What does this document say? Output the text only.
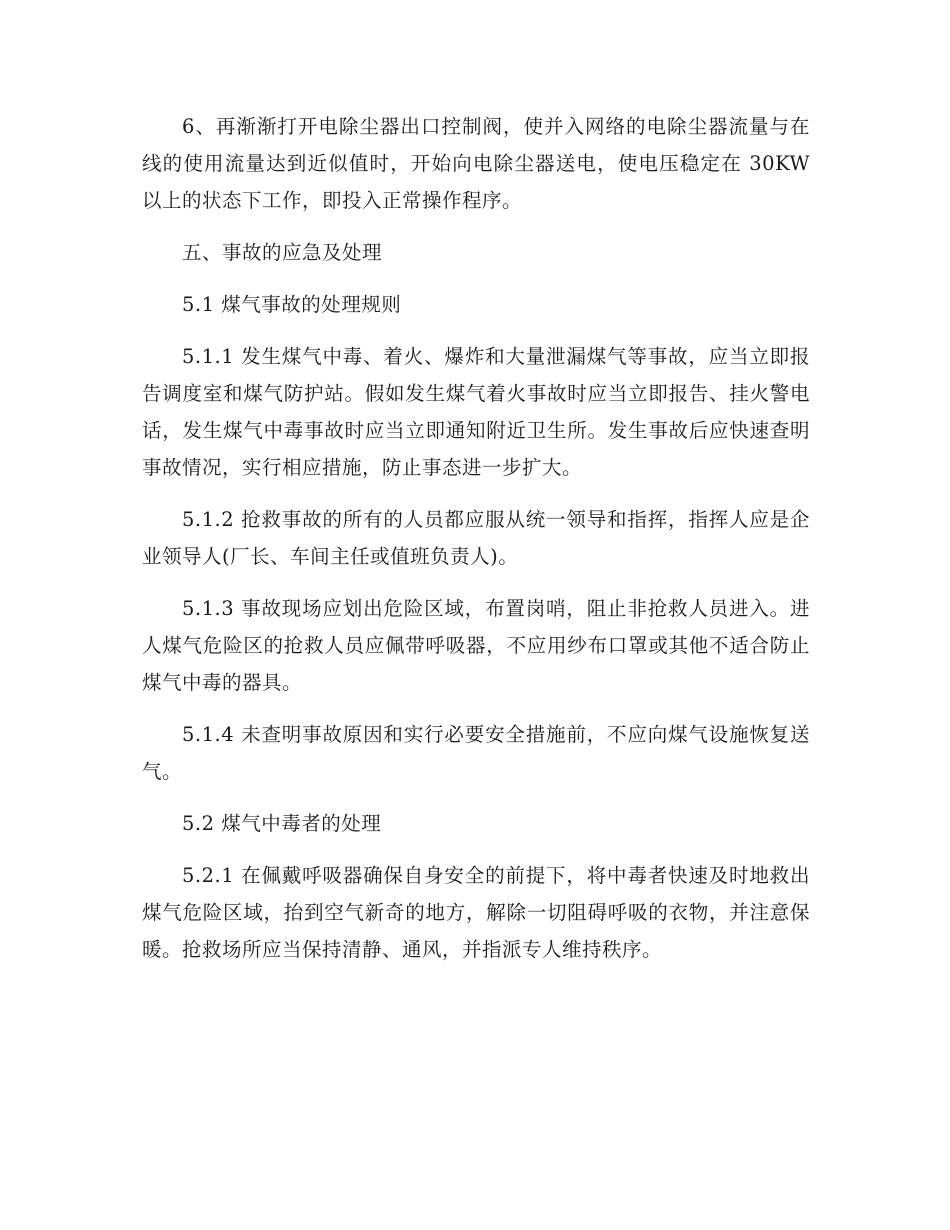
6、再渐渐打开电除尘器出口控制阀，使并入网络的电除尘器流量与在线的使用流量达到近似值时，开始向电除尘器送电，使电压稳定在 30KW 以上的状态下工作，即投入正常操作程序。

五、事故的应急及处理

5.1 煤气事故的处理规则

5.1.1 发生煤气中毒、着火、爆炸和大量泄漏煤气等事故，应当立即报告调度室和煤气防护站。假如发生煤气着火事故时应当立即报告、挂火警电话，发生煤气中毒事故时应当立即通知附近卫生所。发生事故后应快速查明事故情况，实行相应措施，防止事态进一步扩大。

5.1.2 抢救事故的所有的人员都应服从统一领导和指挥，指挥人应是企业领导人(厂长、车间主任或值班负责人)。

5.1.3 事故现场应划出危险区域，布置岗哨，阻止非抢救人员进入。进人煤气危险区的抢救人员应佩带呼吸器，不应用纱布口罩或其他不适合防止煤气中毒的器具。

5.1.4 未查明事故原因和实行必要安全措施前，不应向煤气设施恢复送气。

5.2 煤气中毒者的处理

5.2.1 在佩戴呼吸器确保自身安全的前提下，将中毒者快速及时地救出煤气危险区域，抬到空气新奇的地方，解除一切阻碍呼吸的衣物，并注意保暖。抢救场所应当保持清静、通风，并指派专人维持秩序。
